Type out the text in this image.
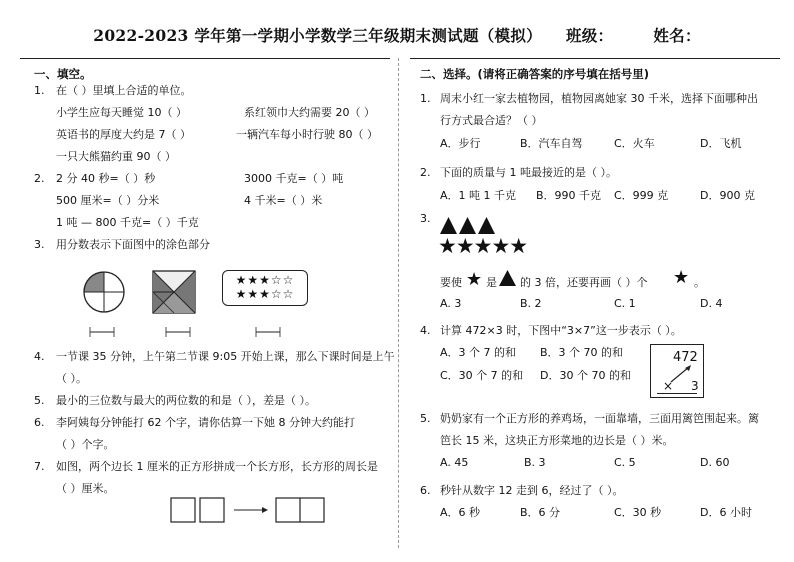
2022-2023 学年第一学期小学数学三年级期末测试题（模拟） 班级：	姓名：
一、填空。
1. 在（ ）里填上合适的单位。
小学生应每天睡觉 10（ ）	系红领巾大约需要 20（ ）
英语书的厚度大约是 7（ ）	一辆汽车每小时行驶 80（ ）
一只大熊猫约重 90（ ）
2. 2 分 40 秒=（ ）秒	3000 千克=（ ）吨
500 厘米=（ ）分米	4 千米=（ ）米
1 吨 — 800 千克=（ ）千克
3. 用分数表示下面图中的涂色部分
★★★☆☆
★★★☆☆
4. 一节课 35 分钟，上午第二节课 9:05 开始上课，那么下课时间是上午
（ ）。
5. 最小的三位数与最大的两位数的和是（ ），差是（ ）。
6. 李阿姨每分钟能打 62 个字，请你估算一下她 8 分钟大约能打
（ ）个字。
7. 如图，两个边长 1 厘米的正方形拼成一个长方形，长方形的周长是
（ ）厘米。
二、选择。(请将正确答案的序号填在括号里)
1. 周末小红一家去植物园，植物园离她家 30 千米，选择下面哪种出
行方式最合适？（ ）
A．步行	B．汽车自驾	C．火车	D．飞机
2. 下面的质量与 1 吨最接近的是（ ）。
A．1 吨 1 千克 B．990 千克 C．999 克	D．900 克
3.
★★★★★
要使 ★ 是 的 3 倍，还要再画（ ）个 ★ 。
A. 3	B. 2	C. 1	D. 4
4. 计算 472×3 时，下图中“3×7”这一步表示（ ）。
A．3 个 7 的和 B．3 个 70 的和
C．30 个 7 的和 D．30 个 70 的和
472
× 3
5. 奶奶家有一个正方形的养鸡场，一面靠墙，三面用篱笆围起来。篱
笆长 15 米，这块正方形菜地的边长是（ ）米。
A. 45	B. 3	C. 5	D. 60
6. 秒针从数字 12 走到 6，经过了（ ）。
A．6 秒	B．6 分	C．30 秒	D．6 小时
